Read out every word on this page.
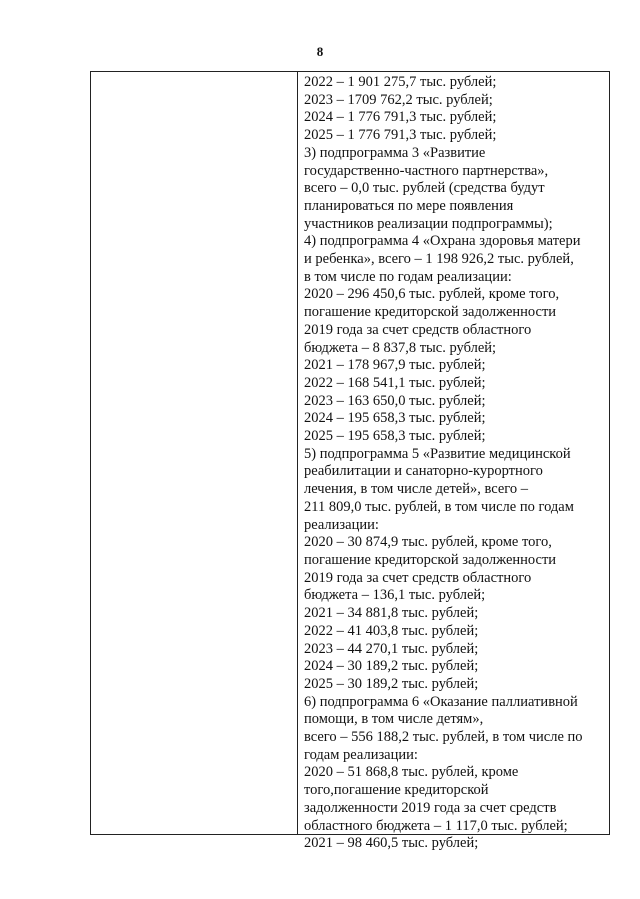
8
2022 – 1 901 275,7 тыс. рублей;
2023 – 1709 762,2 тыс. рублей;
2024 – 1 776 791,3 тыс. рублей;
2025 – 1 776 791,3 тыс. рублей;
3) подпрограмма 3 «Развитие
государственно-частного партнерства»,
всего – 0,0 тыс. рублей (средства будут
планироваться по мере появления
участников реализации подпрограммы);
4) подпрограмма 4 «Охрана здоровья матери
и ребенка», всего – 1 198 926,2 тыс. рублей,
в том числе по годам реализации:
2020 – 296 450,6 тыс. рублей, кроме того,
погашение кредиторской задолженности
2019 года за счет средств областного
бюджета – 8 837,8 тыс. рублей;
2021 – 178 967,9 тыс. рублей;
2022 – 168 541,1 тыс. рублей;
2023 – 163 650,0 тыс. рублей;
2024 – 195 658,3 тыс. рублей;
2025 – 195 658,3 тыс. рублей;
5) подпрограмма 5 «Развитие медицинской
реабилитации и санаторно-курортного
лечения, в том числе детей», всего –
211 809,0 тыс. рублей, в том числе по годам
реализации:
2020 – 30 874,9 тыс. рублей, кроме того,
погашение кредиторской задолженности
2019 года за счет средств областного
бюджета – 136,1 тыс. рублей;
2021 – 34 881,8 тыс. рублей;
2022 – 41 403,8 тыс. рублей;
2023 – 44 270,1 тыс. рублей;
2024 – 30 189,2 тыс. рублей;
2025 – 30 189,2 тыс. рублей;
6) подпрограмма 6 «Оказание паллиативной
помощи, в том числе детям»,
всего – 556 188,2 тыс. рублей, в том числе по
годам реализации:
2020 – 51 868,8 тыс. рублей, кроме
того,погашение кредиторской
задолженности 2019 года за счет средств
областного бюджета – 1 117,0 тыс. рублей;
2021 – 98 460,5 тыс. рублей;
